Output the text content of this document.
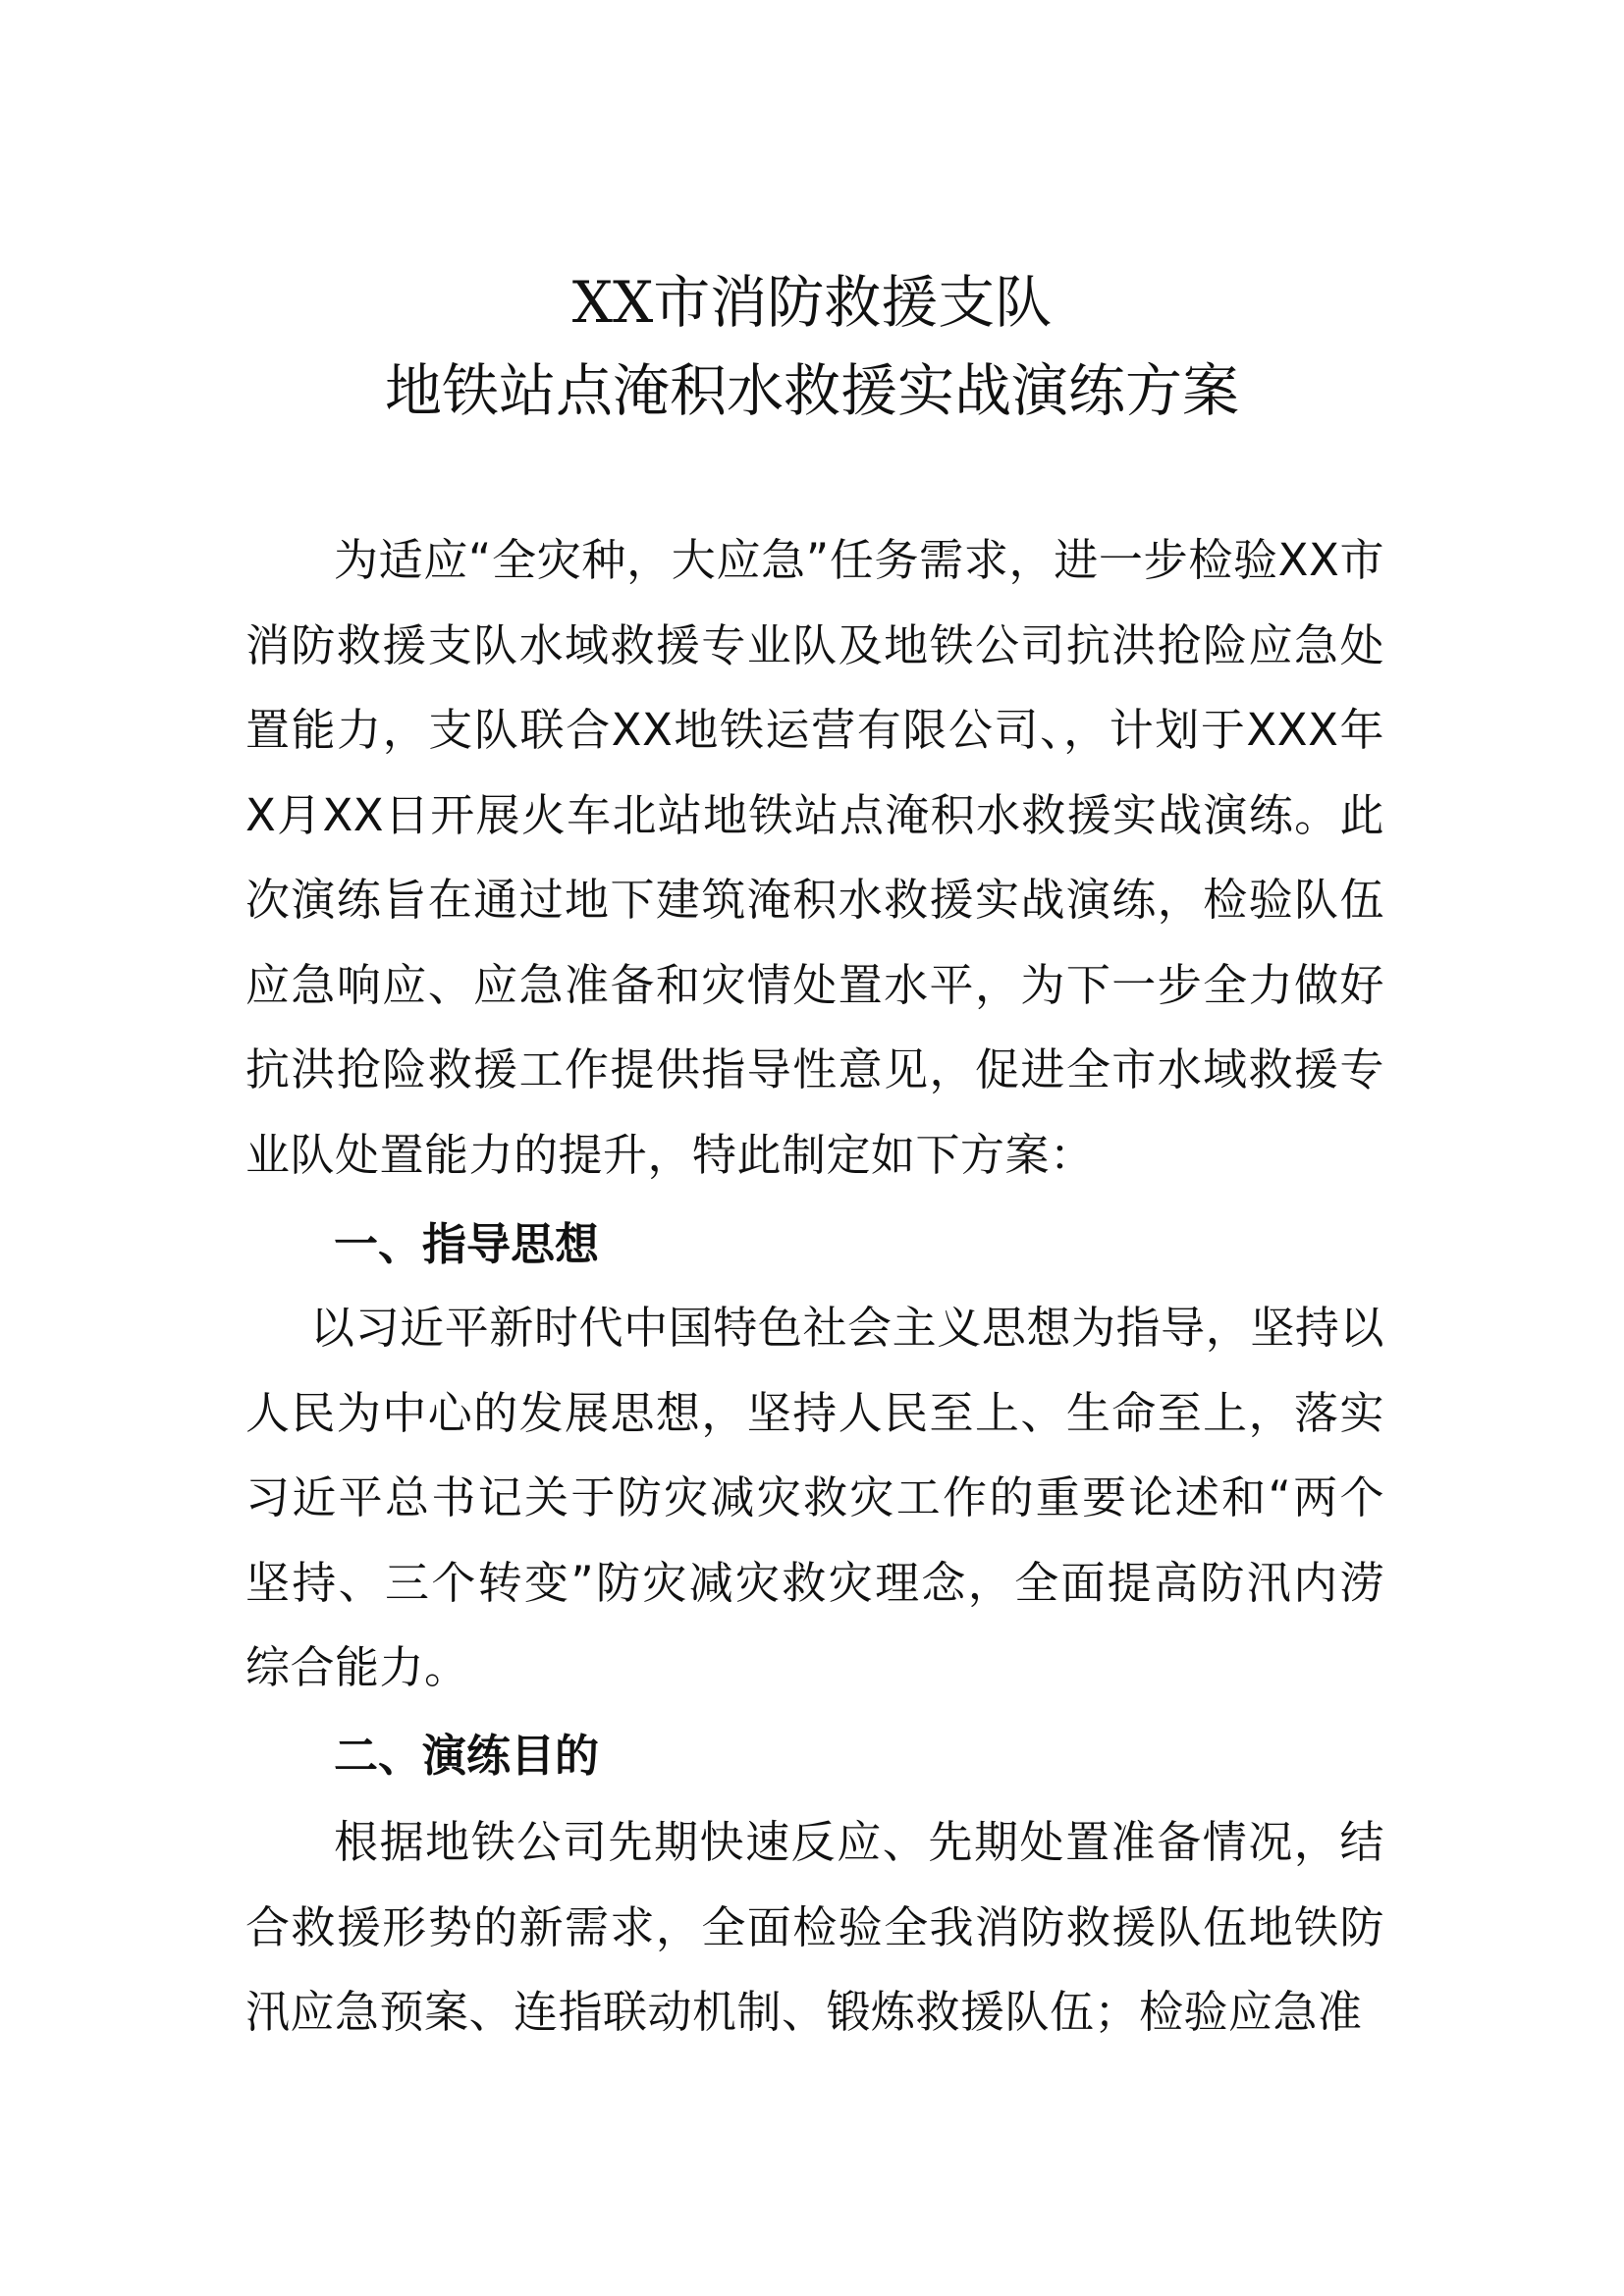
XX市消防救援支队
地铁站点淹积水救援实战演练方案

为适应“全灾种，大应急”任务需求，进一步检验XX市消防救援支队水域救援专业队及地铁公司抗洪抢险应急处置能力，支队联合XX地铁运营有限公司、，计划于XXX年X月XX日开展火车北站地铁站点淹积水救援实战演练。此次演练旨在通过地下建筑淹积水救援实战演练，检验队伍应急响应、应急准备和灾情处置水平，为下一步全力做好抗洪抢险救援工作提供指导性意见，促进全市水域救援专业队处置能力的提升，特此制定如下方案：

一、指导思想

以习近平新时代中国特色社会主义思想为指导，坚持以人民为中心的发展思想，坚持人民至上、生命至上，落实习近平总书记关于防灾减灾救灾工作的重要论述和“两个坚持、三个转变”防灾减灾救灾理念，全面提高防汛内涝综合能力。

二、演练目的

根据地铁公司先期快速反应、先期处置准备情况，结合救援形势的新需求，全面检验全我消防救援队伍地铁防汛应急预案、连指联动机制、锻炼救援队伍；检验应急准
